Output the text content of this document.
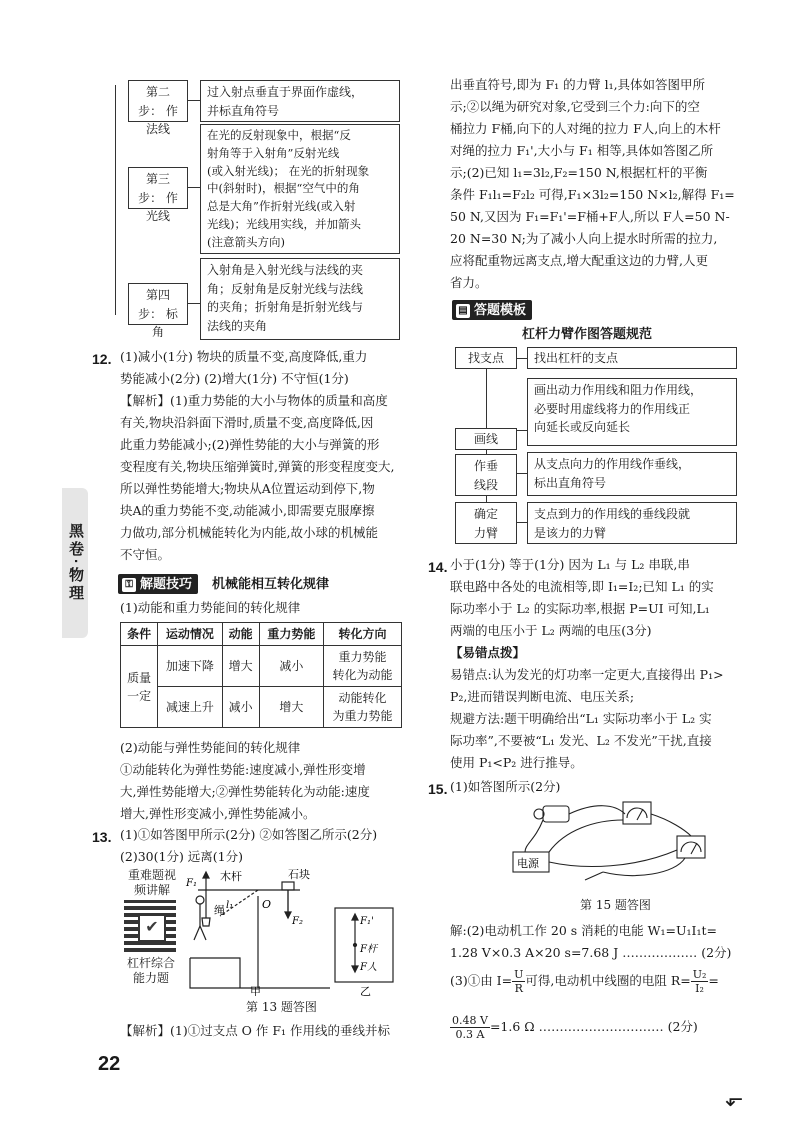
第二步： 作法线
过入射点垂直于界面作虚线，
并标直角符号
第三步： 作光线
在光的反射现象中，根据“反
射角等于入射角”反射光线
(或入射光线)； 在光的折射现象
中(斜射时)，根据“空气中的角
总是大角”作折射光线(或入射
光线)；光线用实线，并加箭头
(注意箭头方向)
第四步： 标角
入射角是入射光线与法线的夹
角；反射角是反射光线与法线
的夹角；折射角是折射光线与
法线的夹角
12. (1)减小(1分) 物块的质量不变,高度降低,重力
势能减小(2分) (2)增大(1分) 不守恒(1分)
【解析】(1)重力势能的大小与物体的质量和高度
有关,物块沿斜面下滑时,质量不变,高度降低,因
此重力势能减小;(2)弹性势能的大小与弹簧的形
变程度有关,物块压缩弹簧时,弹簧的形变程度变大,
所以弹性势能增大;物块从A位置运动到停下,物
块A的重力势能不变,动能减小,即需要克服摩擦
力做功,部分机械能转化为内能,故小球的机械能
不守恒。
⚿ 解题技巧	机械能相互转化规律
(1)动能和重力势能间的转化规律
条件	运动情况	动能	重力势能	转化方向
质量
一定	加速下降	增大	减小	重力势能
转化为动能
	减速上升	减小	增大	动能转化
为重力势能
(2)动能与弹性势能间的转化规律
①动能转化为弹性势能:速度减小,弹性形变增
大,弹性势能增大;②弹性势能转化为动能:速度
增大,弹性形变减小,弹性势能减小。
13. (1)①如答图甲所示(2分) ②如答图乙所示(2分)
(2)30(1分) 远离(1分)
重难题视
频讲解
✔
杠杆综合
能力题
木杆	石块
绳	O
F₁
F₂
l₁
F₁'
F杆
F人
甲	乙
第 13 题答图
【解析】(1)①过支点 O 作 F₁ 作用线的垂线并标
黑卷·物理
22
出垂直符号,即为 F₁ 的力臂 l₁,具体如答图甲所
示;②以绳为研究对象,它受到三个力:向下的空
桶拉力 F桶,向下的人对绳的拉力 F人,向上的木杆
对绳的拉力 F₁',大小与 F₁ 相等,具体如答图乙所
示;(2)已知 l₁=3l₂,F₂=150 N,根据杠杆的平衡
条件 F₁l₁=F₂l₂ 可得,F₁×3l₂=150 N×l₂,解得 F₁=
50 N,又因为 F₁=F₁'=F桶+F人,所以 F人=50 N-
20 N=30 N;为了减小人向上提水时所需的拉力,
应将配重物远离支点,增大配重这边的力臂,人更
省力。
▤ 答题模板
杠杆力臂作图答题规范
找支点	找出杠杆的支点
画线
画出动力作用线和阻力作用线，
必要时用虚线将力的作用线正
向延长或反向延长
作垂
线段
从支点向力的作用线作垂线，
标出直角符号
确定
力臂
支点到力的作用线的垂线段就
是该力的力臂
14. 小于(1分) 等于(1分) 因为 L₁ 与 L₂ 串联,串
联电路中各处的电流相等,即 I₁=I₂;已知 L₁ 的实
际功率小于 L₂ 的实际功率,根据 P=UI 可知,L₁
两端的电压小于 L₂ 两端的电压(3分)
【易错点拨】
易错点:认为发光的灯功率一定更大,直接得出 P₁>
P₂,进而错误判断电流、电压关系;
规避方法:题干明确给出“L₁ 实际功率小于 L₂ 实
际功率”,不要被“L₁ 发光、L₂ 不发光”干扰,直接
使用 P₁<P₂ 进行推导。
15. (1)如答图所示(2分)
电源
第 15 题答图
解:(2)电动机工作 20 s 消耗的电能 W₁=U₁I₁t=
1.28 V×0.3 A×20 s=7.68 J ……………… (2分)
(3)①由 $I= \frac{U}{R}$ 可得,电动机中线圈的电阻 $R= \frac{\text{U₂}}{\text{I₂}}$ =
$\frac{0.48 V}{0.3 A} =1.6$ Ω ………………………… (2分)
⬐
